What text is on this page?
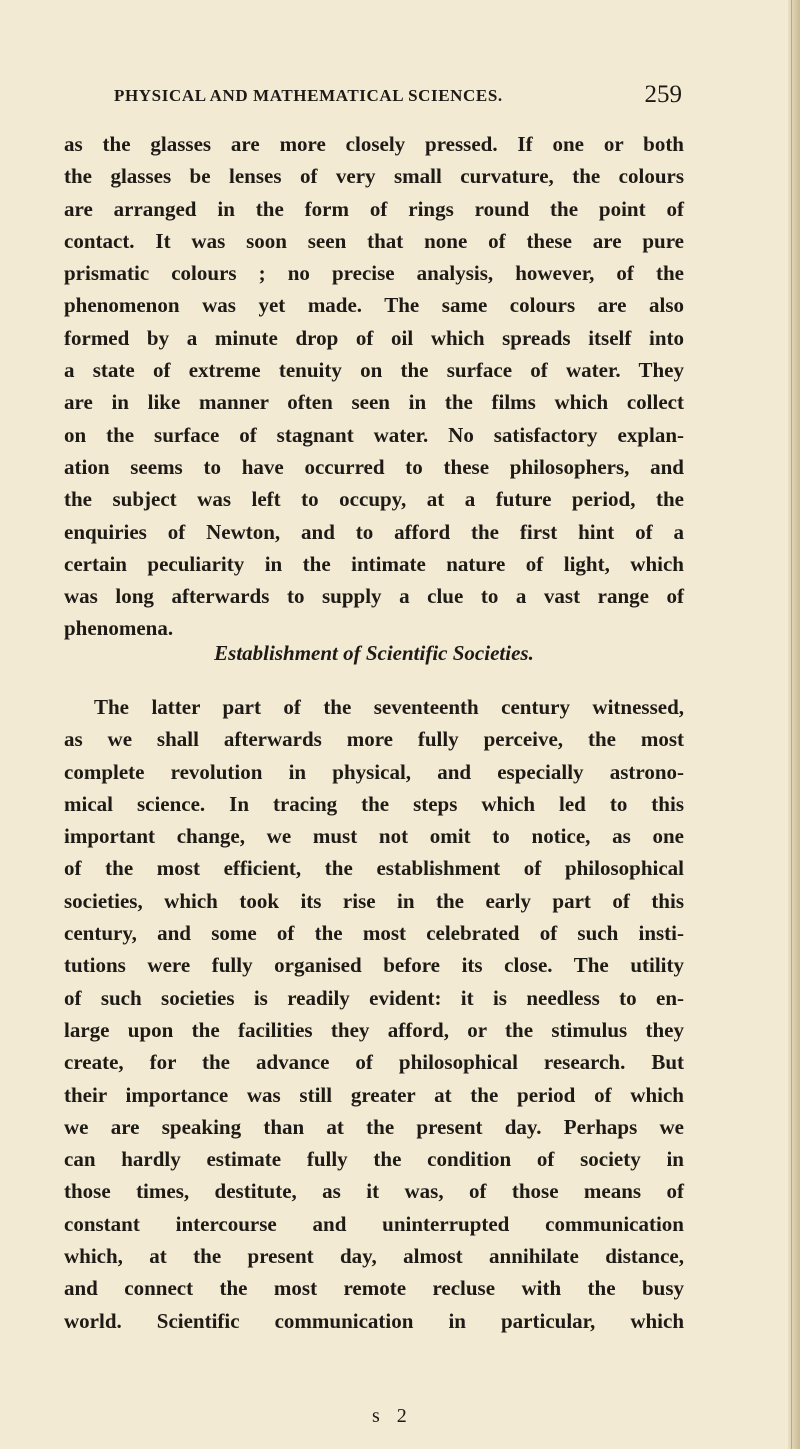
PHYSICAL AND MATHEMATICAL SCIENCES.	259
as the glasses are more closely pressed. If one or both
the glasses be lenses of very small curvature, the colours
are arranged in the form of rings round the point of
contact. It was soon seen that none of these are pure
prismatic colours ; no precise analysis, however, of the
phenomenon was yet made. The same colours are also
formed by a minute drop of oil which spreads itself into
a state of extreme tenuity on the surface of water. They
are in like manner often seen in the films which collect
on the surface of stagnant water. No satisfactory explan-
ation seems to have occurred to these philosophers, and
the subject was left to occupy, at a future period, the
enquiries of Newton, and to afford the first hint of a
certain peculiarity in the intimate nature of light, which
was long afterwards to supply a clue to a vast range of
phenomena.
Establishment of Scientific Societies.
The latter part of the seventeenth century witnessed,
as we shall afterwards more fully perceive, the most
complete revolution in physical, and especially astrono-
mical science. In tracing the steps which led to this
important change, we must not omit to notice, as one
of the most efficient, the establishment of philosophical
societies, which took its rise in the early part of this
century, and some of the most celebrated of such insti-
tutions were fully organised before its close. The utility
of such societies is readily evident: it is needless to en-
large upon the facilities they afford, or the stimulus they
create, for the advance of philosophical research. But
their importance was still greater at the period of which
we are speaking than at the present day. Perhaps we
can hardly estimate fully the condition of society in
those times, destitute, as it was, of those means of
constant intercourse and uninterrupted communication
which, at the present day, almost annihilate distance,
and connect the most remote recluse with the busy
world. Scientific communication in particular, which
s 2
